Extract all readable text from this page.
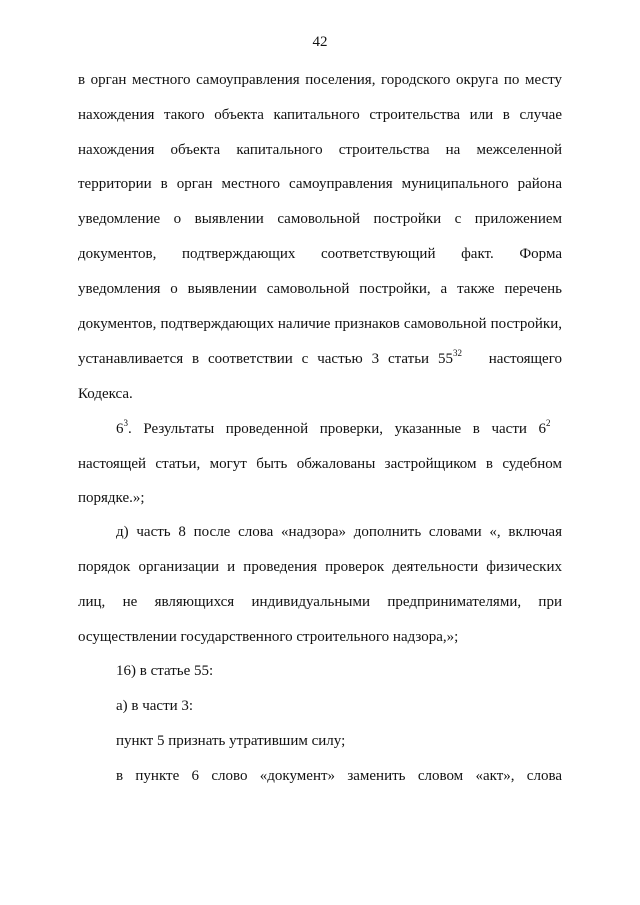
42
в орган местного самоуправления поселения, городского округа по месту
нахождения такого объекта капитального строительства или в случае
нахождения объекта капитального строительства на межселенной
территории в орган местного самоуправления муниципального района
уведомление о выявлении самовольной постройки с приложением
документов, подтверждающих соответствующий факт. Форма
уведомления о выявлении самовольной постройки, а также перечень
документов, подтверждающих наличие признаков самовольной постройки,
устанавливается в соответствии с частью 3 статьи $55^{32}$ настоящего
Кодекса.
$6^3$. Результаты проведенной проверки, указанные в части $6^2$
настоящей статьи, могут быть обжалованы застройщиком в судебном
порядке.»;
д) часть 8 после слова «надзора» дополнить словами «, включая
порядок организации и проведения проверок деятельности физических
лиц, не являющихся индивидуальными предпринимателями, при
осуществлении государственного строительного надзора,»;
16) в статье 55:
а) в части 3:
пункт 5 признать утратившим силу;
в пункте 6 слово «документ» заменить словом «акт», слова
